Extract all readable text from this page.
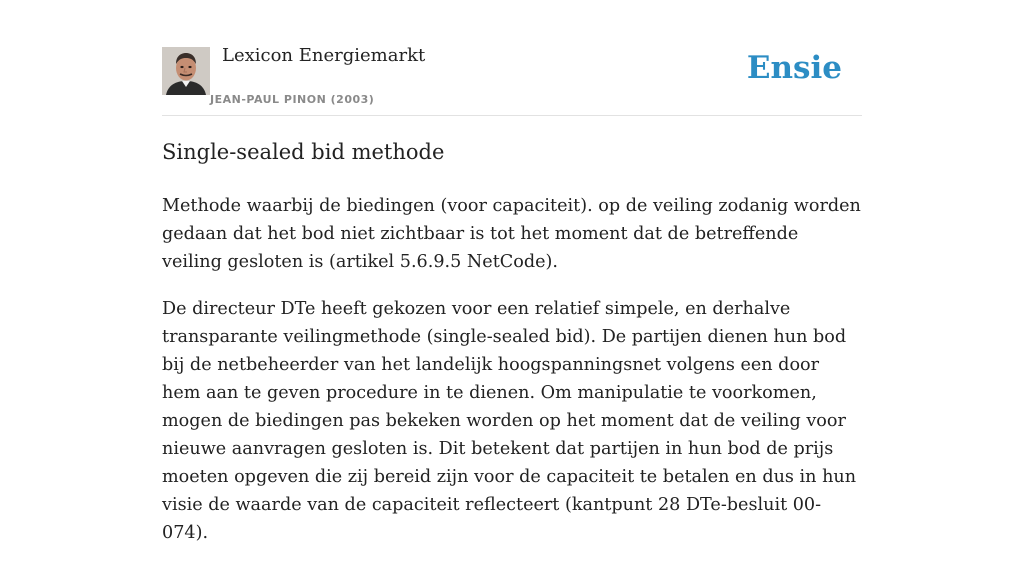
Lexicon Energiemarkt
JEAN-PAUL PINON (2003)
Ensie
Single-sealed bid methode

Methode waarbij de biedingen (voor capaciteit). op de veiling zodanig worden gedaan dat het bod niet zichtbaar is tot het moment dat de betreffende veiling gesloten is (artikel 5.6.9.5 NetCode).

De directeur DTe heeft gekozen voor een relatief simpele, en derhalve transparante veilingmethode (single-sealed bid). De partijen dienen hun bod bij de netbeheerder van het landelijk hoogspanningsnet volgens een door hem aan te geven procedure in te dienen. Om manipulatie te voorkomen, mogen de biedingen pas bekeken worden op het moment dat de veiling voor nieuwe aanvragen gesloten is. Dit betekent dat partijen in hun bod de prijs moeten opgeven die zij bereid zijn voor de capaciteit te betalen en dus in hun visie de waarde van de capaciteit reflecteert (kantpunt 28 DTe-besluit 00-074).
